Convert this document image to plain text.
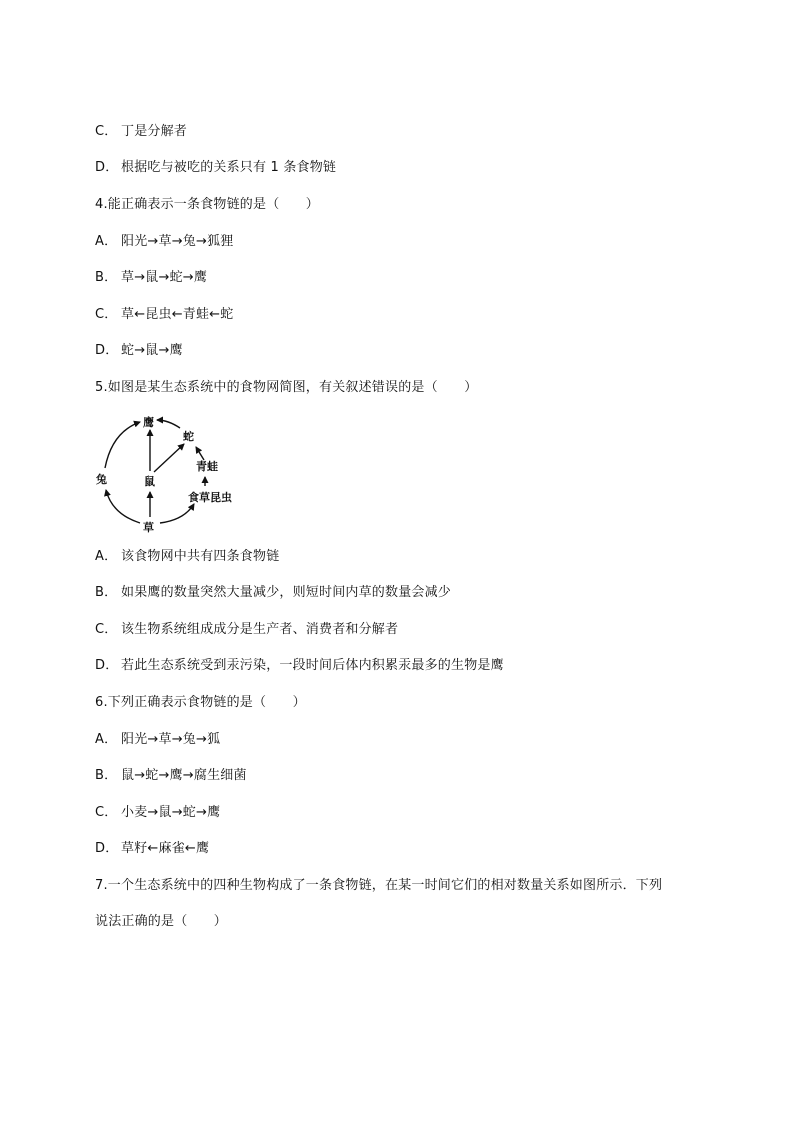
C． 丁是分解者
D． 根据吃与被吃的关系只有 1 条食物链
4.能正确表示一条食物链的是（　　）
A． 阳光→草→兔→狐狸
B． 草→鼠→蛇→鹰
C． 草←昆虫←青蛙←蛇
D． 蛇→鼠→鹰
5.如图是某生态系统中的食物网简图，有关叙述错误的是（　　）
鹰
蛇
青蛙
兔	鼠
食草昆虫
草
A． 该食物网中共有四条食物链
B． 如果鹰的数量突然大量减少，则短时间内草的数量会减少
C． 该生物系统组成成分是生产者、消费者和分解者
D． 若此生态系统受到汞污染，一段时间后体内积累汞最多的生物是鹰
6.下列正确表示食物链的是（　　）
A． 阳光→草→兔→狐
B． 鼠→蛇→鹰→腐生细菌
C． 小麦→鼠→蛇→鹰
D． 草籽←麻雀←鹰
7.一个生态系统中的四种生物构成了一条食物链，在某一时间它们的相对数量关系如图所示．下列
说法正确的是（　　）
